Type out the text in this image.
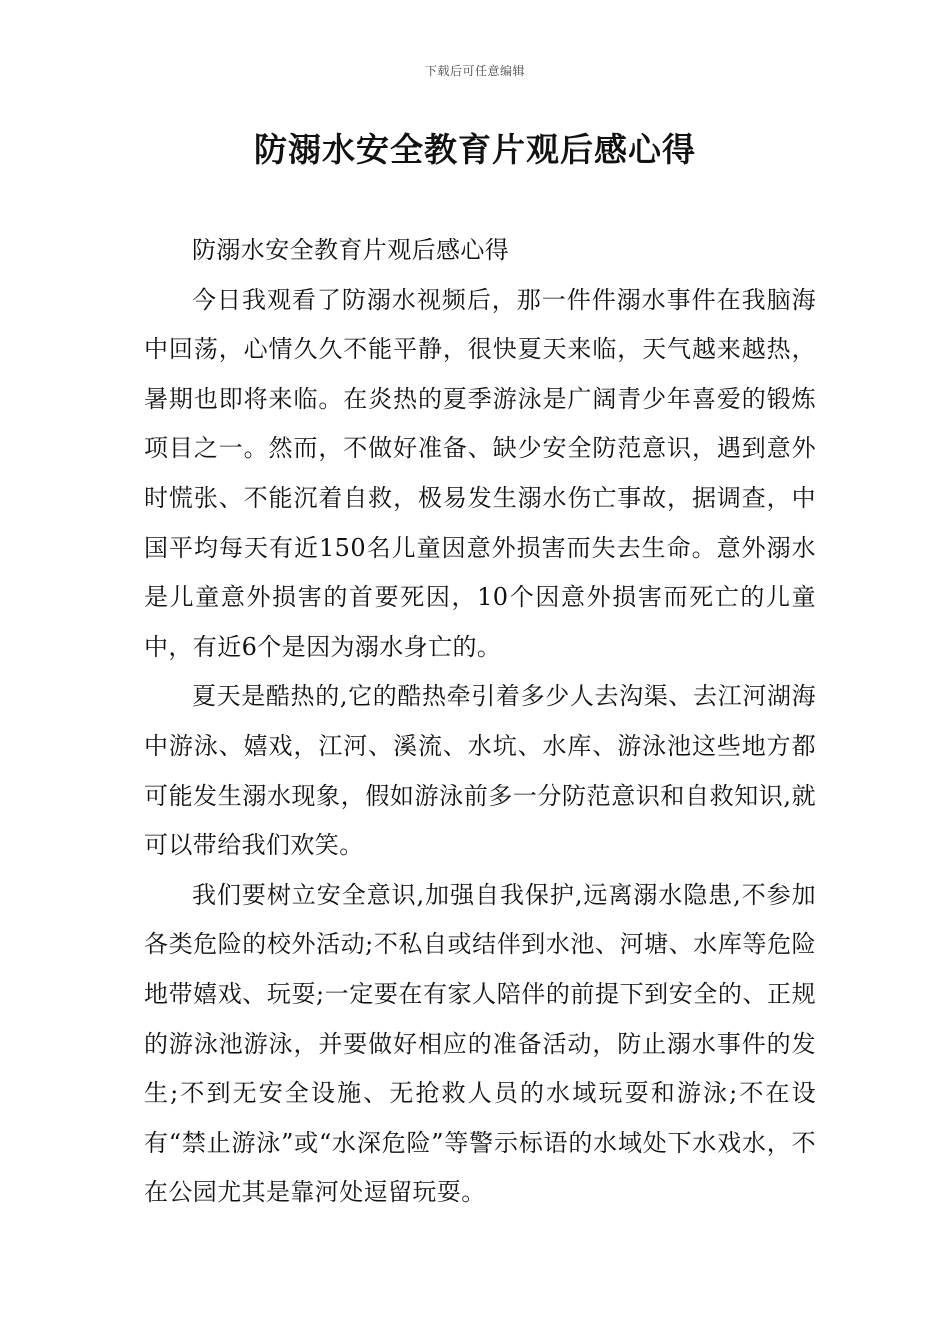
下载后可任意编辑
防溺水安全教育片观后感心得

防溺水安全教育片观后感心得

今日我观看了防溺水视频后，那一件件溺水事件在我脑海中回荡，心情久久不能平静，很快夏天来临，天气越来越热，暑期也即将来临。在炎热的夏季游泳是广阔青少年喜爱的锻炼项目之一。然而，不做好准备、缺少安全防范意识，遇到意外时慌张、不能沉着自救，极易发生溺水伤亡事故，据调查，中国平均每天有近150名儿童因意外损害而失去生命。意外溺水是儿童意外损害的首要死因，10个因意外损害而死亡的儿童中，有近6个是因为溺水身亡的。

夏天是酷热的,它的酷热牵引着多少人去沟渠、去江河湖海中游泳、嬉戏，江河、溪流、水坑、水库、游泳池这些地方都可能发生溺水现象，假如游泳前多一分防范意识和自救知识,就可以带给我们欢笑。

我们要树立安全意识,加强自我保护,远离溺水隐患,不参加各类危险的校外活动;不私自或结伴到水池、河塘、水库等危险地带嬉戏、玩耍;一定要在有家人陪伴的前提下到安全的、正规的游泳池游泳，并要做好相应的准备活动，防止溺水事件的发生;不到无安全设施、无抢救人员的水域玩耍和游泳;不在设有“禁止游泳”或“水深危险”等警示标语的水域处下水戏水，不在公园尤其是靠河处逗留玩耍。
